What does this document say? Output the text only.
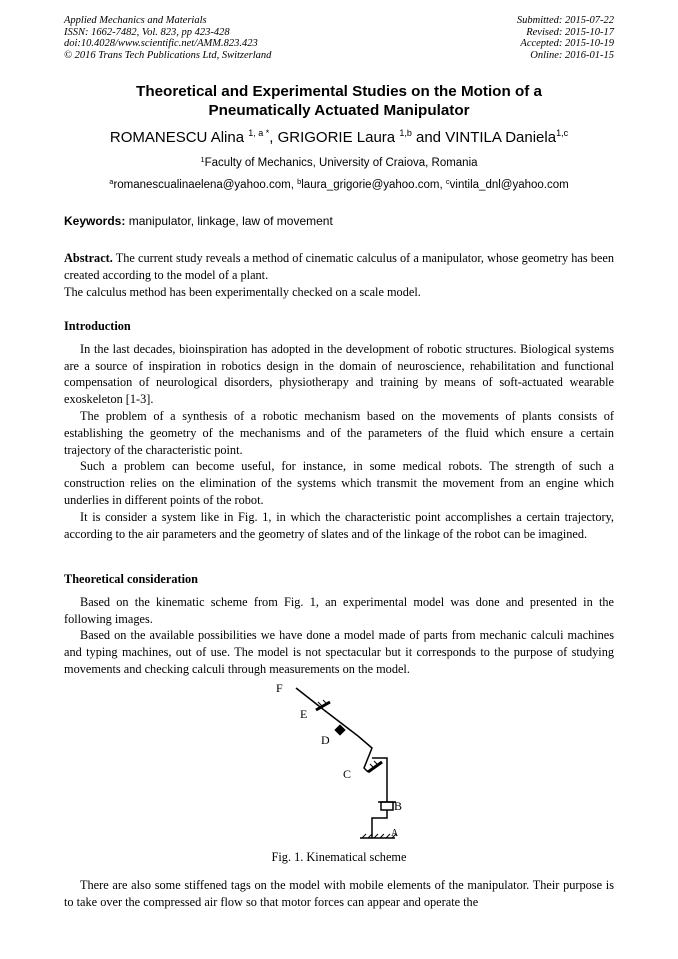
Applied Mechanics and Materials
ISSN: 1662-7482, Vol. 823, pp 423-428
doi:10.4028/www.scientific.net/AMM.823.423
© 2016 Trans Tech Publications Ltd, Switzerland
Submitted: 2015-07-22
Revised: 2015-10-17
Accepted: 2015-10-19
Online: 2016-01-15
Theoretical and Experimental Studies on the Motion of a
Pneumatically Actuated Manipulator
ROMANESCU Alina $^{1, a *}$, GRIGORIE Laura $^{1,b}$ and VINTILA Daniela$^{1,c}$
$^1$Faculty of Mechanics, University of Craiova, Romania
$^a$romanescualinaelena@yahoo.com, $^b$laura_grigorie@yahoo.com, $^c$vintila_dnl@yahoo.com
Keywords: manipulator, linkage, law of movement

Abstract. The current study reveals a method of cinematic calculus of a manipulator, whose geometry has been created according to the model of a plant.

The calculus method has been experimentally checked on a scale model.

Introduction

In the last decades, bioinspiration has adopted in the development of robotic structures. Biological systems are a source of inspiration in robotics design in the domain of neuroscience, rehabilitation and functional compensation of neurological disorders, physiotherapy and training by means of soft-actuated wearable exoskeleton [1-3].

The problem of a synthesis of a robotic mechanism based on the movements of plants consists of establishing the geometry of the mechanisms and of the parameters of the fluid which ensure a certain trajectory of the characteristic point.

Such a problem can become useful, for instance, in some medical robots. The strength of such a construction relies on the elimination of the systems which transmit the movement from an engine which underlies in different points of the robot.

It is consider a system like in Fig. 1, in which the characteristic point accomplishes a certain trajectory, according to the air parameters and the geometry of slates and of the linkage of the robot can be imagined.

Theoretical consideration

Based on the kinematic scheme from Fig. 1, an experimental model was done and presented in the following images.

Based on the available possibilities we have done a model made of parts from mechanic calculi machines and typing machines, out of use. The model is not spectacular but it corresponds to the purpose of studying movements and checking calculi through measurements on the model.

F
E
D
C
B
A
Fig. 1. Kinematical scheme

There are also some stiffened tags on the model with mobile elements of the manipulator. Their purpose is to take over the compressed air flow so that motor forces can appear and operate the
